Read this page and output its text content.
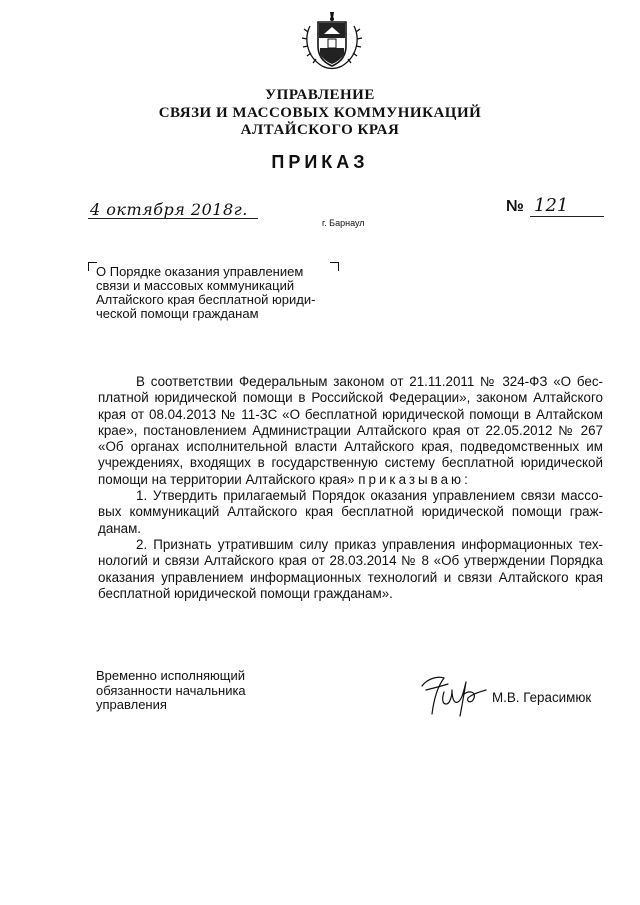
УПРАВЛЕНИЕ
СВЯЗИ И МАССОВЫХ КОММУНИКАЦИЙ
АЛТАЙСКОГО КРАЯ
ПРИКАЗ
4 октября 2018г.
г. Барнаул
№ 121
О Порядке оказания управлением
связи и массовых коммуникаций
Алтайского края бесплатной юриди-
ческой помощи гражданам
В соответствии Федеральным законом от 21.11.2011 № 324-ФЗ «О бес-
платной юридической помощи в Российской Федерации», законом Алтайского
края от 08.04.2013 № 11-ЗС «О бесплатной юридической помощи в Алтайском
крае», постановлением Администрации Алтайского края от 22.05.2012 № 267
«Об органах исполнительной власти Алтайского края, подведомственных им
учреждениях, входящих в государственную систему бесплатной юридической
помощи на территории Алтайского края» приказываю:
1. Утвердить прилагаемый Порядок оказания управлением связи массо-
вых коммуникаций Алтайского края бесплатной юридической помощи граж-
данам.
2. Признать утратившим силу приказ управления информационных тех-
нологий и связи Алтайского края от 28.03.2014 № 8 «Об утверждении Порядка
оказания управлением информационных технологий и связи Алтайского края
бесплатной юридической помощи гражданам».
Временно исполняющий
обязанности начальника
управления	М.В. Герасимюк
